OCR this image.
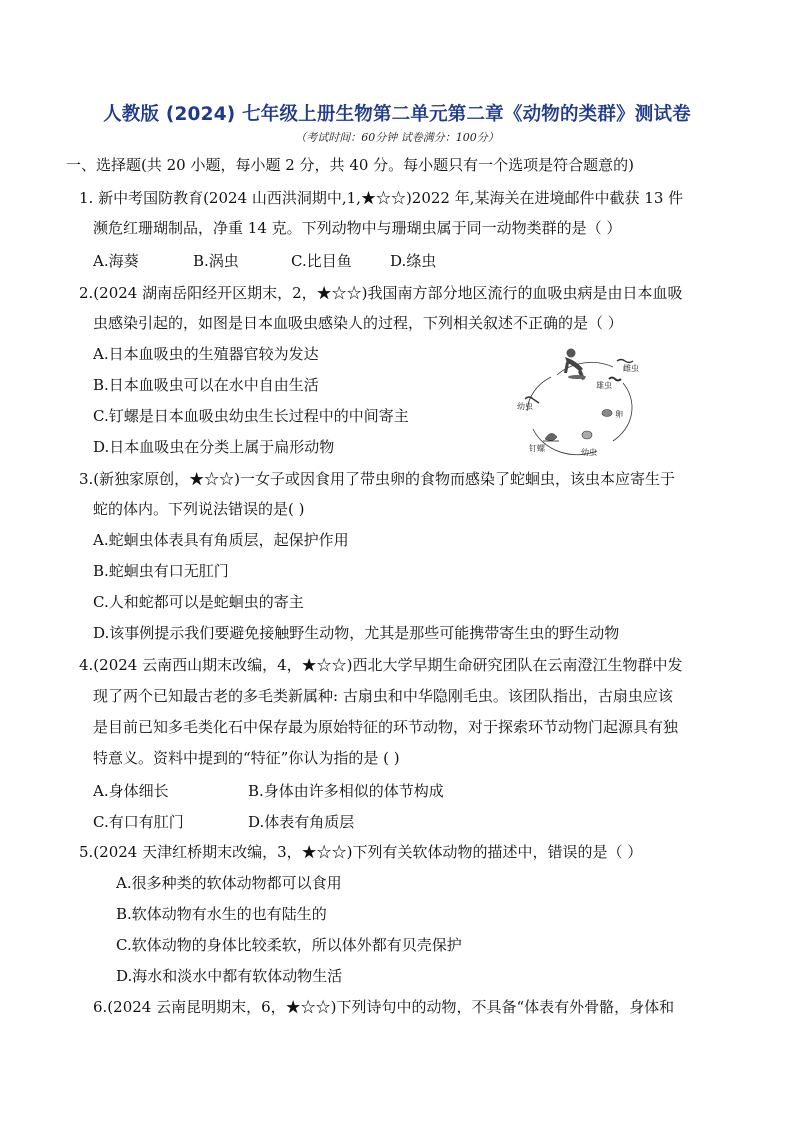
人教版 (2024) 七年级上册生物第二单元第二章《动物的类群》测试卷
（考试时间：60分钟 试卷满分：100分）
一、选择题(共 20 小题，每小题 2 分，共 40 分。每小题只有一个选项是符合题意的)
1. 新中考国防教育(2024 山西洪洞期中,1,★☆☆)2022 年,某海关在进境邮件中截获 13 件
濒危红珊瑚制品，净重 14 克。下列动物中与珊瑚虫属于同一动物类群的是（ ）
A.海葵	B.涡虫	C.比目鱼	D.绦虫
2.(2024 湖南岳阳经开区期末，2，★☆☆)我国南方部分地区流行的血吸虫病是由日本血吸
虫感染引起的，如图是日本血吸虫感染人的过程，下列相关叙述不正确的是（ ）
A.日本血吸虫的生殖器官较为发达
B.日本血吸虫可以在水中自由生活
C.钉螺是日本血吸虫幼虫生长过程中的中间寄主
D.日本血吸虫在分类上属于扁形动物
雌虫
雄虫
卵
幼虫
幼虫
钉螺
3.(新独家原创，★☆☆)一女子或因食用了带虫卵的食物而感染了蛇蛔虫，该虫本应寄生于
蛇的体内。下列说法错误的是( )
A.蛇蛔虫体表具有角质层，起保护作用
B.蛇蛔虫有口无肛门
C.人和蛇都可以是蛇蛔虫的寄主
D.该事例提示我们要避免接触野生动物，尤其是那些可能携带寄生虫的野生动物
4.(2024 云南西山期末改编，4，★☆☆)西北大学早期生命研究团队在云南澄江生物群中发
现了两个已知最古老的多毛类新属种: 古扇虫和中华隐刚毛虫。该团队指出，古扇虫应该
是目前已知多毛类化石中保存最为原始特征的环节动物，对于探索环节动物门起源具有独
特意义。资料中提到的“特征”你认为指的是 ( )
A.身体细长	B.身体由许多相似的体节构成
C.有口有肛门	D.体表有角质层
5.(2024 天津红桥期末改编，3，★☆☆)下列有关软体动物的描述中，错误的是（ ）
A.很多种类的软体动物都可以食用
B.软体动物有水生的也有陆生的
C.软体动物的身体比较柔软，所以体外都有贝壳保护
D.海水和淡水中都有软体动物生活
6.(2024 云南昆明期末，6，★☆☆)下列诗句中的动物，不具备“体表有外骨骼，身体和
